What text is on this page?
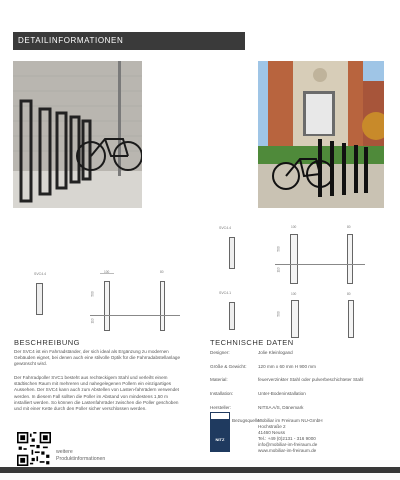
DETAILINFORMATIONEN
SVC4.4	100	80
500
110
SVC4.4	100	80
500
110
SVC4.1	100	80
500
BESCHREIBUNG
Der SVC4 ist ein Fahrradständer, der sich ideal als Ergänzung zu modernen Gebäuden eignet, bei denen auch eine stilvolle Optik für die Fahrradabstellanlage gewünscht wird.
Der Fahrradpoller SVC1 besteht aus rechteckigem Stahl und verleiht einem städtischen Raum mit mehreren und nahegelegenen Pollern ein einzigartiges Aussehen. Der SVC4 kann auch zum Abstellen von Lasten-fahrrädern verwendet werden. In diesem Fall sollten die Poller im Abstand von mindestens 1,50 m installiert werden. So können die Lastenfahrräder zwischen die Poller geschoben und mit einer Kette durch den Poller sicher verschlossen werden.
weitere
Produktinformationen
TECHNISCHE DATEN
Designer:	Jolie Kleinlogand
Größe & Gewicht: 120 mm x 60 mm H 900 mm
Material:	feuerverzinkter Stahl oder pulverbeschichteter Stahl
Installation:	Unter-Bodeninstallation
Hersteller:	NITSA A/S, Dänemark
Bezugsquelle:
Mobiliar im Freiraum NU-GmbH
Hochstraße 2
41460 Neuss
Tel.: +49 (0)2131 - 316 9000
info@mobiliar-im-freiraum.de
www.mobiliar-im-freiraum.de
NITZ
